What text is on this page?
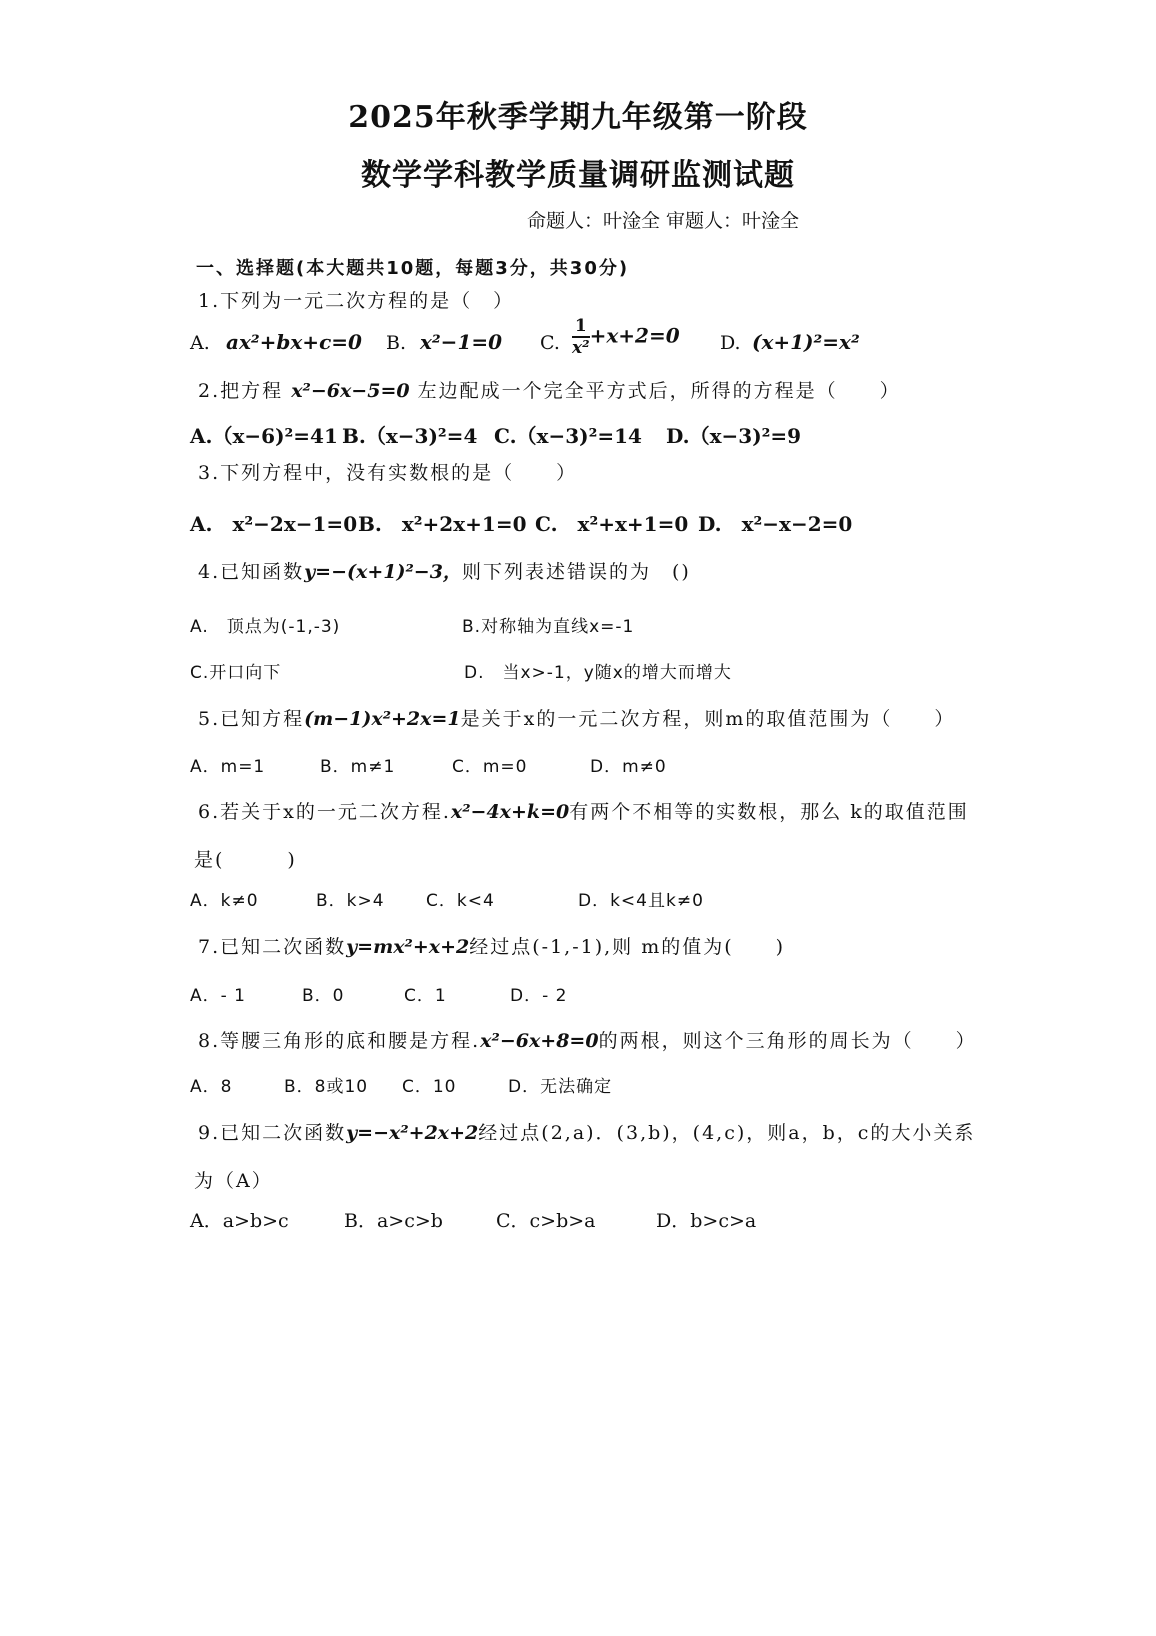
2025年秋季学期九年级第一阶段
数学学科教学质量调研监测试题
命题人：叶淦全 审题人：叶淦全
一、选择题(本大题共10题，每题3分，共30分)
1.下列为一元二次方程的是（　）
A. ax²+bx+c=0 B. x²−1=0 C. $\frac{1}{\text{x²}} +x+2=0$ D. (x+1)²=x²
2.把方程 x²−6x−5=0 左边配成一个完全平方式后，所得的方程是（　　）
A.（x−6)²=41 B.（x−3)²=4 C.（x−3)²=14 D.（x−3)²=9
3.下列方程中，没有实数根的是（　　）
A.　x²−2x−1=0 B.　x²+2x+1=0 C.　x²+x+1=0 D.　x²−x−2=0
4.已知函数y=−(x+1)²−3，则下列表述错误的为　()
A.　顶点为(-1,-3)	B.对称轴为直线x=-1
C.开口向下	D.　当x>-1，y随x的增大而增大
5.已知方程(m−1)x²+2x=1是关于x的一元二次方程，则m的取值范围为（　　）
A．m=1	B．m≠1	C．m=0	D．m≠0
6.若关于x的一元二次方程.x²−4x+k=0有两个不相等的实数根，那么 k的取值范围
是(　　　)
A．k≠0	B．k>4 C．k<4	D．k<4且k≠0
7.已知二次函数y=mx²+x+2经过点(-1,-1),则 m的值为(　　)
A．- 1	B．0	C．1	D．- 2
8.等腰三角形的底和腰是方程.x²−6x+8=0的两根，则这个三角形的周长为（　　）
A．8	B．8或10 C．10	D．无法确定
9.已知二次函数y=−x²+2x+2经过点(2,a)．(3,b)，(4,c)，则a，b，c的大小关系
为（A）
A．a>b>c	B．a>c>b	C．c>b>a	D．b>c>a
